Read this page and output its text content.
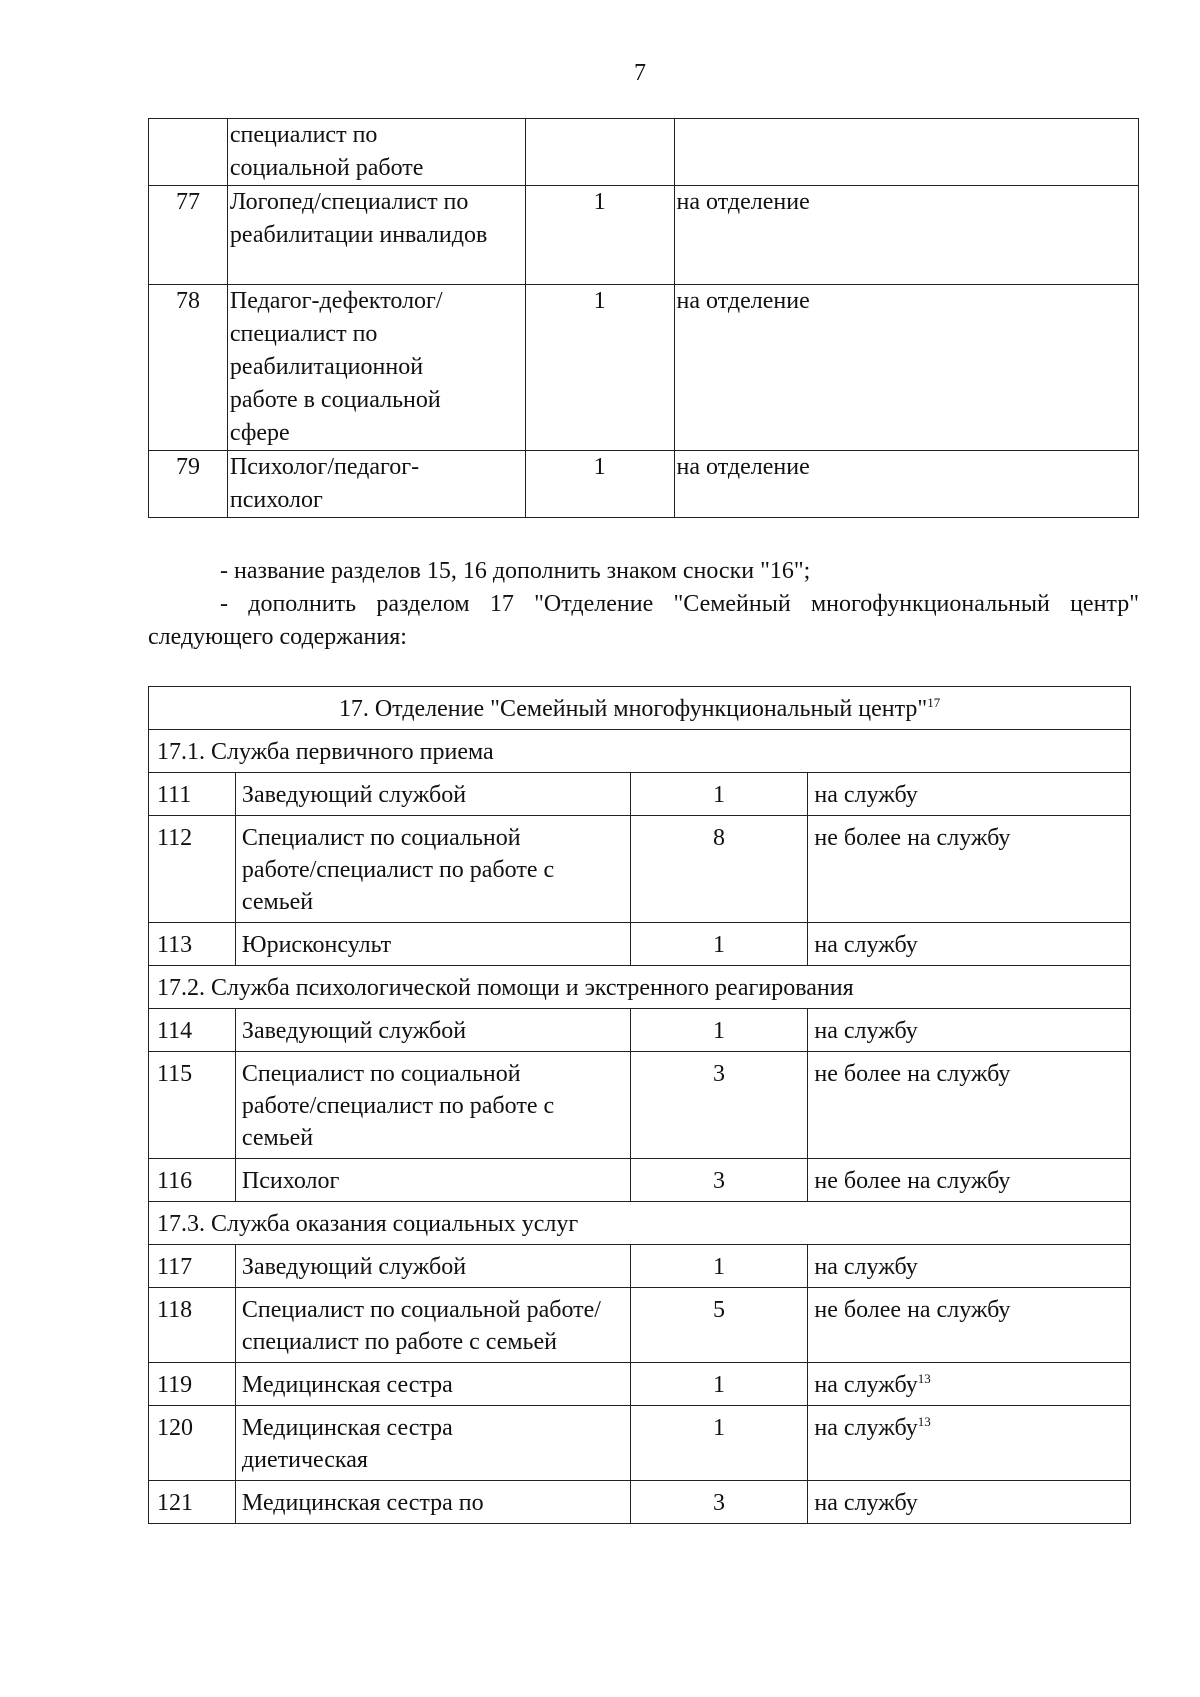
7
	специалист по социальной работе		
77	Логопед/специалист по реабилитации инвалидов	1	на отделение
78	Педагог-дефектолог/ специалист по реабилитационной работе в социальной сфере	1	на отделение
79	Психолог/педагог-психолог	1	на отделение
- название разделов 15, 16 дополнить знаком сноски "16";
- дополнить разделом 17 "Отделение "Семейный многофункциональный центр" следующего содержания:
17. Отделение "Семейный многофункциональный центр"$^{17}$
17.1. Служба первичного приема			
111	Заведующий службой	1	на службу
112	Специалист по социальной работе/специалист по работе с семьей	8	не более на службу
113	Юрисконсульт	1	на службу
17.2. Служба психологической помощи и экстренного реагирования			
114	Заведующий службой	1	на службу
115	Специалист по социальной работе/специалист по работе с семьей	3	не более на службу
116	Психолог	3	не более на службу
17.3. Служба оказания социальных услуг			
117	Заведующий службой	1	на службу
118	Специалист по социальной работе/специалист по работе с семьей	5	не более на службу
119	Медицинская сестра	1	на службу$^{13}$
120	Медицинская сестра диетическая	1	на службу$^{13}$
121	Медицинская сестра по	3	на службу
